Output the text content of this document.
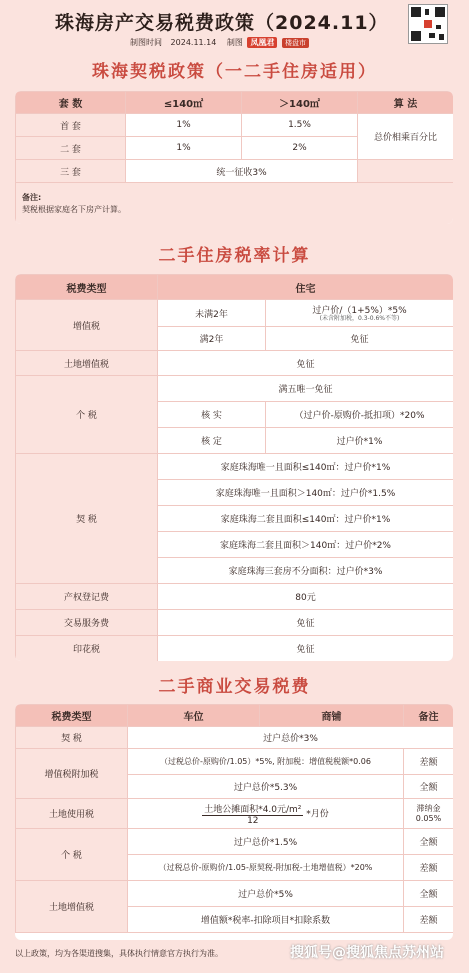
珠海房产交易税费政策（2024.11）
制图时间 2024.11.14 制图 凤凰君 楼盘市
珠海契税政策（一二手住房适用）
套 数	≤140㎡	＞140㎡	算 法
首 套	1%	1.5%	总价相乘百分比
二 套	1%	2%	
三 套	统一征收3%		
备注:
契税根据家庭名下房产计算。			
二手住房税率计算
税费类型	住宅	
增值税	未满2年	过户价/（1+5%）*5%
(未含附加税，0.3-0.6%不等)

	满2年	免征
土地增值税	免征	
个 税	满五唯一免征	
	核 实	（过户价-原购价-抵扣项）*20%
	核 定	过户价*1%
契 税	家庭珠海唯一且面积≤140㎡：过户价*1%	
	家庭珠海唯一且面积＞140㎡：过户价*1.5%	
	家庭珠海二套且面积≤140㎡：过户价*1%	
	家庭珠海二套且面积＞140㎡：过户价*2%	
	家庭珠海三套房不分面积：过户价*3%	
产权登记费	80元	
交易服务费	免征	
印花税	免征	
二手商业交易税费
税费类型	车位	商铺	备注
契 税	过户总价*3%		
增值税附加税	（过税总价-原购价/1.05）*5%, 附加税：增值税税额*0.06		差额
	过户总价*5.3%		全额
土地使用税	$\frac{\text{土地公摊面积*4.0元/m²}}{12}$ *月份		滞纳金 0.05%
个 税	过户总价*1.5%		全额
	（过税总价-原购价/1.05-原契税-附加税-土地增值税）*20%		差额
土地增值税	过户总价*5%		全额
	增值额*税率-扣除项目*扣除系数		差额
以上政策，均为各渠道搜集，具体执行情意官方执行为准。	搜狐号@搜狐焦点苏州站
